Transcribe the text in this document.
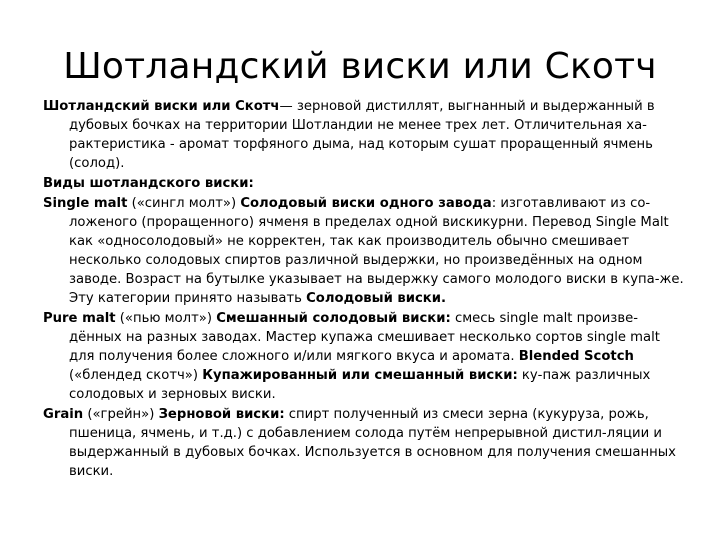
Шотландский виски или Скотч

Шотландский виски или Скотч— зерновой дистиллят, выгнанный и выдержанный в дубовых бочках на территории Шотландии не менее трех лет. Отличительная ха-рактеристика - аромат торфяного дыма, над которым сушат проращенный ячмень (солод).

Виды шотландского виски:

Single malt («сингл молт») Солодовый виски одного завода: изготавливают из со-ложеного (проращенного) ячменя в пределах одной вискикурни. Перевод Single Malt как «односолодовый» не корректен, так как производитель обычно смешивает несколько солодовых спиртов различной выдержки, но произведённых на одном заводе. Возраст на бутылке указывает на выдержку самого молодого виски в купа-же. Эту категории принято называть Солодовый виски.

Pure malt («пью молт») Смешанный солодовый виски: смесь single malt произве-дённых на разных заводах. Мастер купажа смешивает несколько сортов single malt для получения более сложного и/или мягкого вкуса и аромата. Blended Scotch («блендед скотч») Купажированный или смешанный виски: ку-паж различных солодовых и зерновых виски.

Grain («грейн») Зерновой виски: спирт полученный из смеси зерна (кукуруза, рожь, пшеница, ячмень, и т.д.) с добавлением солода путём непрерывной дистил-ляции и выдержанный в дубовых бочках. Используется в основном для получения смешанных виски.
